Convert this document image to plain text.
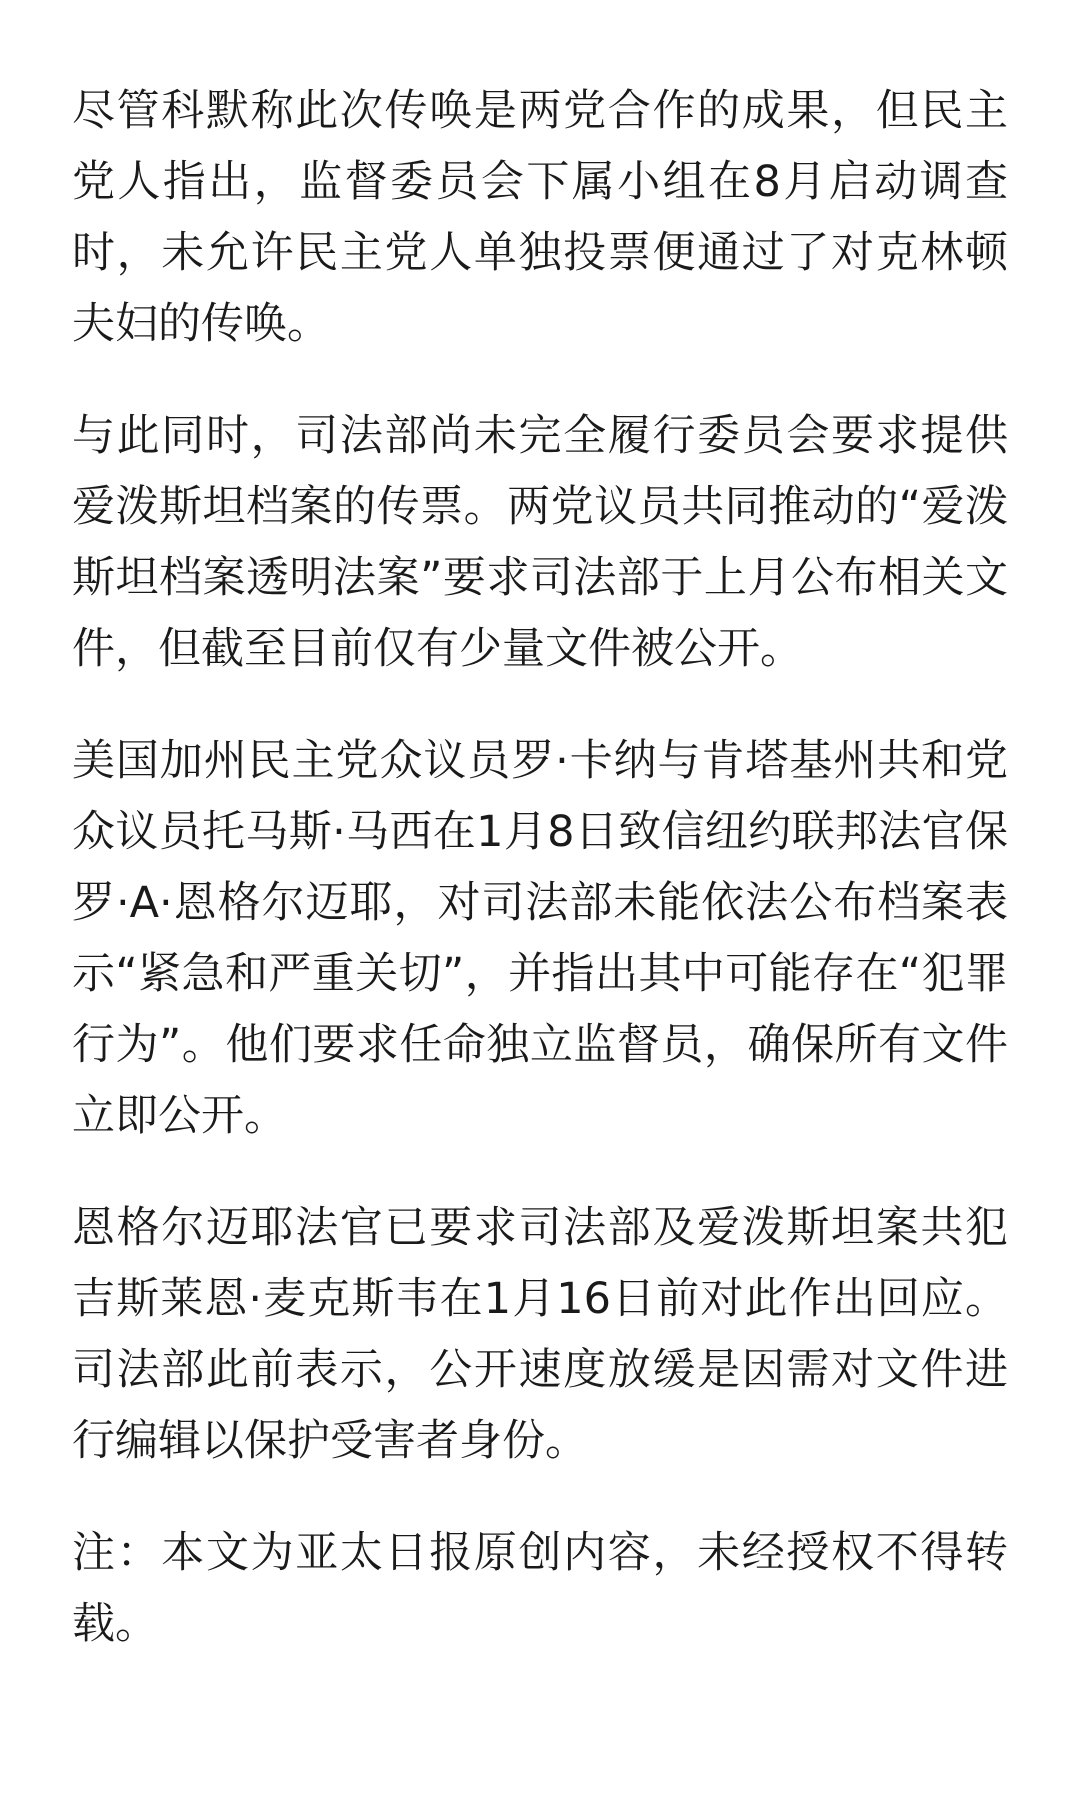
尽管科默称此次传唤是两党合作的成果，但民主党人指出，监督委员会下属小组在8月启动调查时，未允许民主党人单独投票便通过了对克林顿夫妇的传唤。

与此同时，司法部尚未完全履行委员会要求提供爱泼斯坦档案的传票。两党议员共同推动的“爱泼斯坦档案透明法案”要求司法部于上月公布相关文件，但截至目前仅有少量文件被公开。

美国加州民主党众议员罗·卡纳与肯塔基州共和党众议员托马斯·马西在1月8日致信纽约联邦法官保罗·A·恩格尔迈耶，对司法部未能依法公布档案表示“紧急和严重关切”，并指出其中可能存在“犯罪行为”。他们要求任命独立监督员，确保所有文件立即公开。

恩格尔迈耶法官已要求司法部及爱泼斯坦案共犯吉斯莱恩·麦克斯韦在1月16日前对此作出回应。司法部此前表示，公开速度放缓是因需对文件进行编辑以保护受害者身份。

注：本文为亚太日报原创内容，未经授权不得转载。
